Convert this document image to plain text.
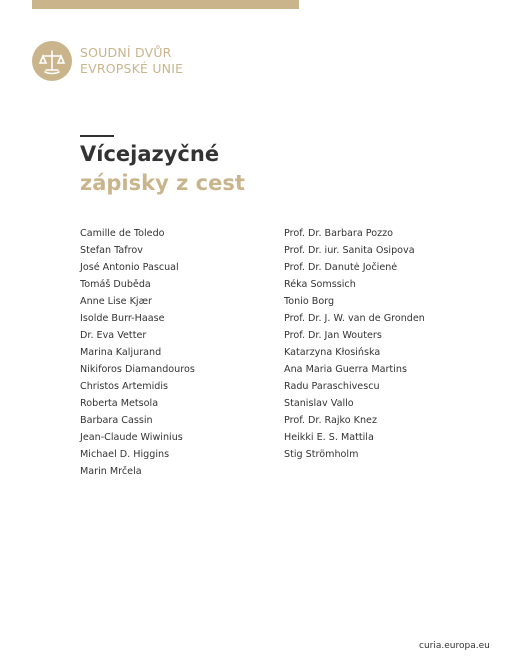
SOUDNÍ DVŮR
EVROPSKÉ UNIE
Vícejazyčné
zápisky z cest
Camille de Toledo
Stefan Tafrov
José Antonio Pascual
Tomáš Duběda
Anne Lise Kjær
Isolde Burr-Haase
Dr. Eva Vetter
Marina Kaljurand
Nikiforos Diamandouros
Christos Artemidis
Roberta Metsola
Barbara Cassin
Jean-Claude Wiwinius
Michael D. Higgins
Marin Mrčela
Prof. Dr. Barbara Pozzo
Prof. Dr. iur. Sanita Osipova
Prof. Dr. Danutė Jočienė
Réka Somssich
Tonio Borg
Prof. Dr. J. W. van de Gronden
Prof. Dr. Jan Wouters
Katarzyna Kłosińska
Ana Maria Guerra Martins
Radu Paraschivescu
Stanislav Vallo
Prof. Dr. Rajko Knez
Heikki E. S. Mattila
Stig Strömholm
curia.europa.eu
